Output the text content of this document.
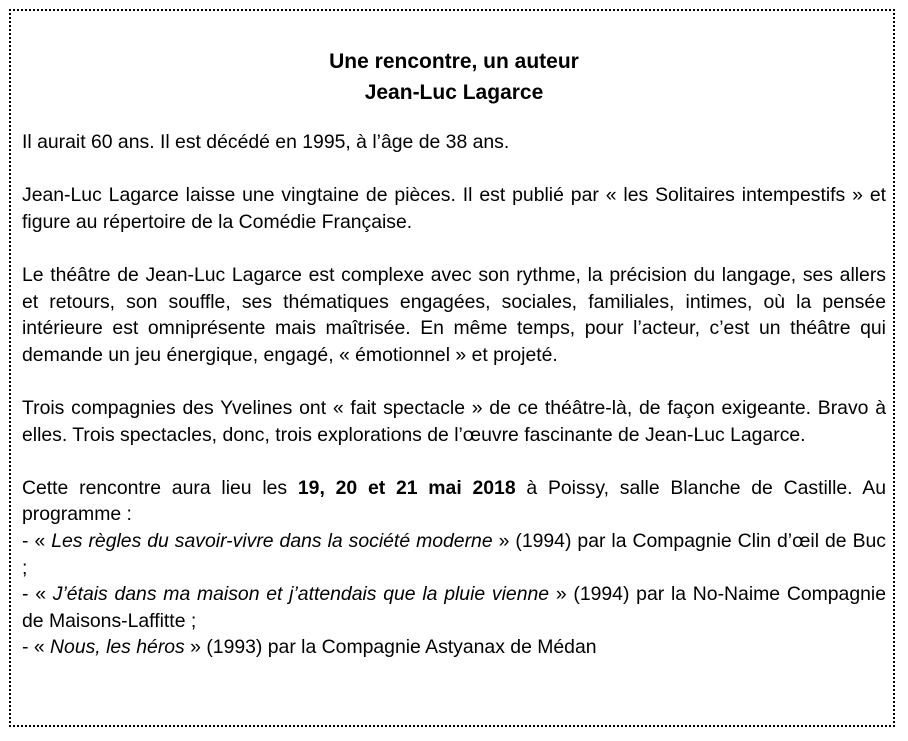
Une rencontre, un auteur
Jean-Luc Lagarce

Il aurait 60 ans. Il est décédé en 1995, à l’âge de 38 ans.

Jean-Luc Lagarce laisse une vingtaine de pièces. Il est publié par « les Solitaires intempestifs » et figure au répertoire de la Comédie Française.

Le théâtre de Jean-Luc Lagarce est complexe avec son rythme, la précision du langage, ses allers et retours, son souffle, ses thématiques engagées, sociales, familiales, intimes, où la pensée intérieure est omniprésente mais maîtrisée. En même temps, pour l’acteur, c’est un théâtre qui demande un jeu énergique, engagé, « émotionnel » et projeté.

Trois compagnies des Yvelines ont « fait spectacle » de ce théâtre-là, de façon exigeante. Bravo à elles. Trois spectacles, donc, trois explorations de l’œuvre fascinante de Jean-Luc Lagarce.

Cette rencontre aura lieu les 19, 20 et 21 mai 2018 à Poissy, salle Blanche de Castille. Au programme :
- « Les règles du savoir-vivre dans la société moderne » (1994) par la Compagnie Clin d’œil de Buc ;
- « J’étais dans ma maison et j’attendais que la pluie vienne » (1994) par la No-Naime Compagnie de Maisons-Laffitte ;
- « Nous, les héros » (1993) par la Compagnie Astyanax de Médan
